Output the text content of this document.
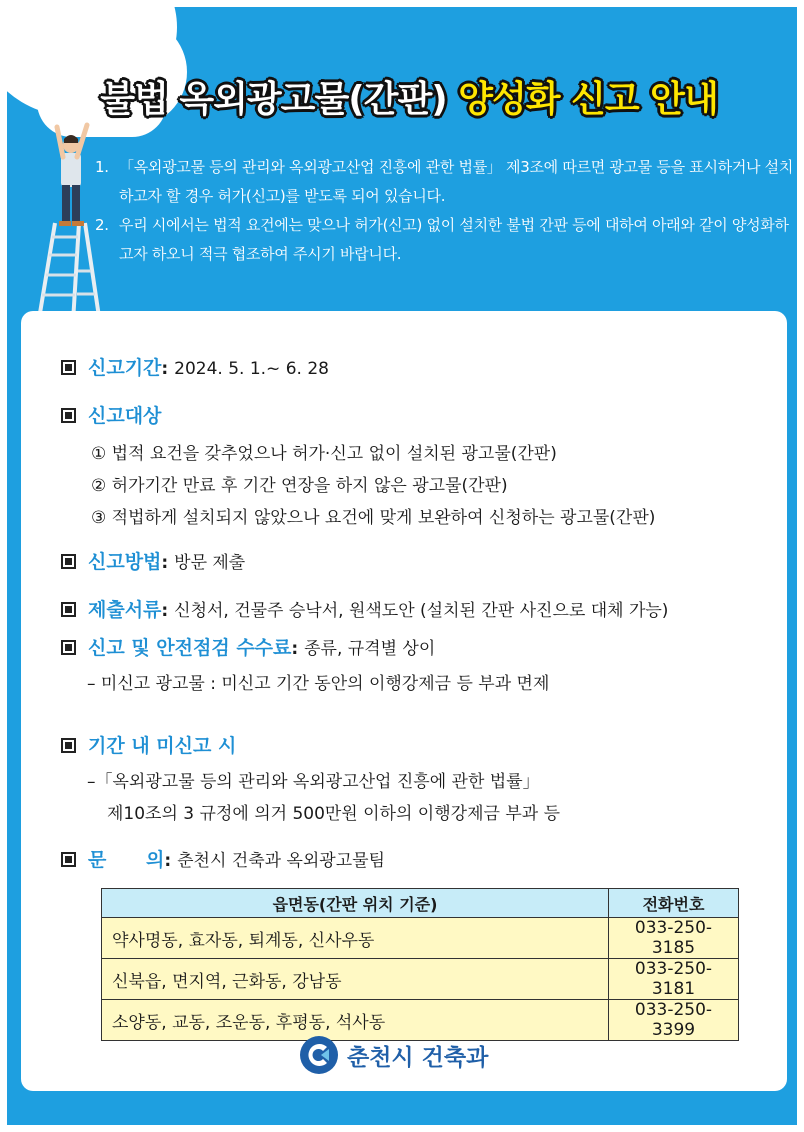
불법 옥외광고물(간판) 양성화 신고 안내
1. 「옥외광고물 등의 관리와 옥외광고산업 진흥에 관한 법률」 제3조에 따르면 광고물 등을 표시하거나 설치하고자 할 경우 허가(신고)를 받도록 되어 있습니다.
2. 우리 시에서는 법적 요건에는 맞으나 허가(신고) 없이 설치한 불법 간판 등에 대하여 아래와 같이 양성화하고자 하오니 적극 협조하여 주시기 바랍니다.
신고기간: 2024. 5. 1.~ 6. 28
신고대상
① 법적 요건을 갖추었으나 허가·신고 없이 설치된 광고물(간판)
② 허가기간 만료 후 기간 연장을 하지 않은 광고물(간판)
③ 적법하게 설치되지 않았으나 요건에 맞게 보완하여 신청하는 광고물(간판)
신고방법: 방문 제출
제출서류: 신청서, 건물주 승낙서, 원색도안 (설치된 간판 사진으로 대체 가능)
신고 및 안전점검 수수료: 종류, 규격별 상이
– 미신고 광고물 : 미신고 기간 동안의 이행강제금 등 부과 면제
기간 내 미신고 시
–「옥외광고물 등의 관리와 옥외광고산업 진흥에 관한 법률」
제10조의 3 규정에 의거 500만원 이하의 이행강제금 부과 등
문      의: 춘천시 건축과 옥외광고물팀
읍면동(간판 위치 기준)	전화번호
약사명동, 효자동, 퇴계동, 신사우동	033-250-3185
신북읍, 면지역, 근화동, 강남동	033-250-3181
소양동, 교동, 조운동, 후평동, 석사동	033-250-3399
춘천시 건축과
